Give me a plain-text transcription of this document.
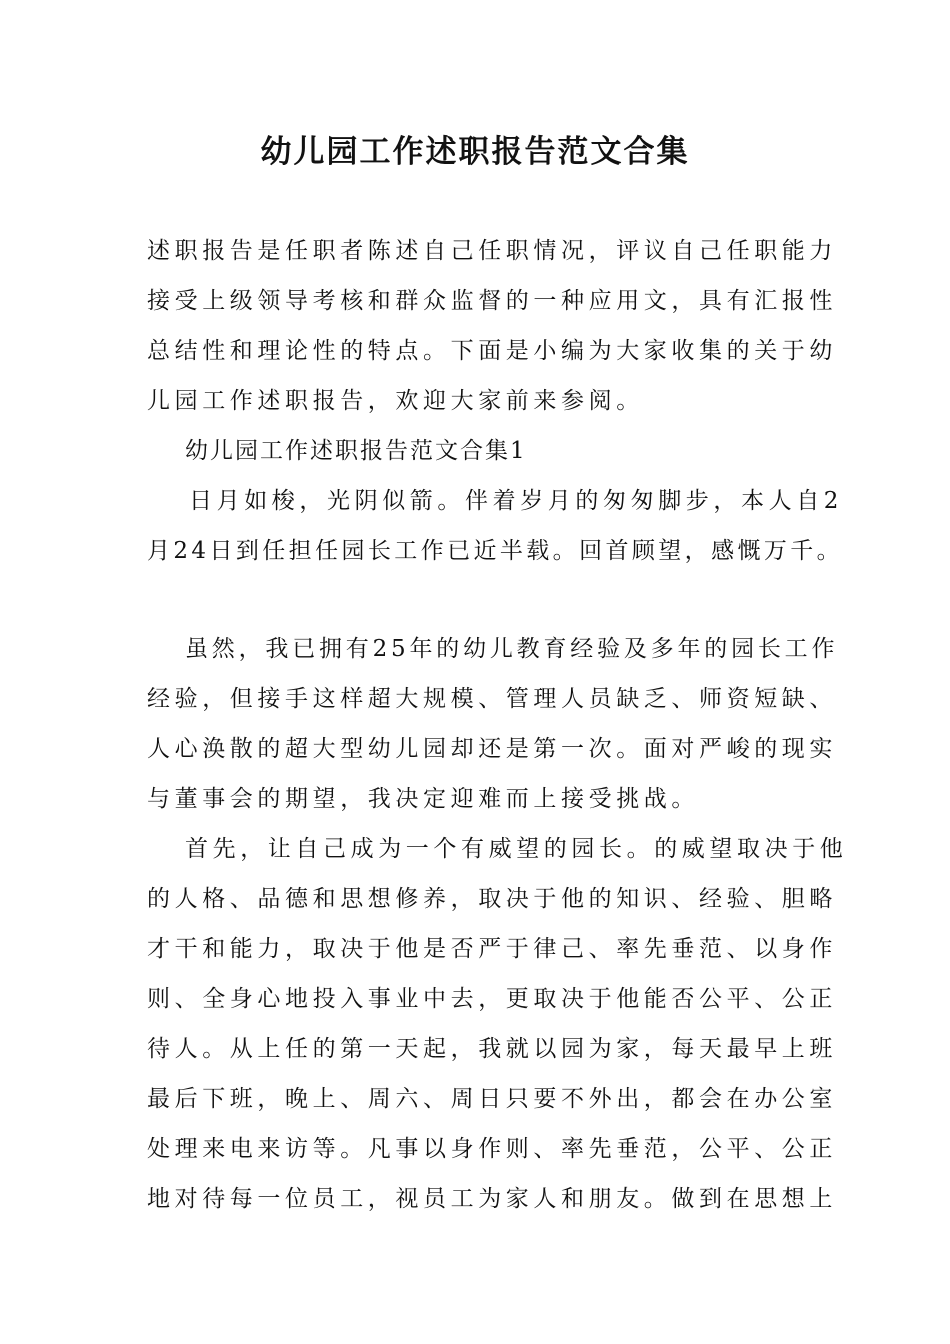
幼儿园工作述职报告范文合集
述职报告是任职者陈述自己任职情况，评议自己任职能力
接受上级领导考核和群众监督的一种应用文，具有汇报性
总结性和理论性的特点。下面是小编为大家收集的关于幼
儿园工作述职报告，欢迎大家前来参阅。
幼儿园工作述职报告范文合集1
日月如梭，光阴似箭。伴着岁月的匆匆脚步，本人自2
月24日到任担任园长工作已近半载。回首顾望，感慨万千。
虽然，我已拥有25年的幼儿教育经验及多年的园长工作
经验，但接手这样超大规模、管理人员缺乏、师资短缺、
人心涣散的超大型幼儿园却还是第一次。面对严峻的现实
与董事会的期望，我决定迎难而上接受挑战。
首先，让自己成为一个有威望的园长。的威望取决于他
的人格、品德和思想修养，取决于他的知识、经验、胆略
才干和能力，取决于他是否严于律己、率先垂范、以身作
则、全身心地投入事业中去，更取决于他能否公平、公正
待人。从上任的第一天起，我就以园为家，每天最早上班
最后下班，晚上、周六、周日只要不外出，都会在办公室
处理来电来访等。凡事以身作则、率先垂范，公平、公正
地对待每一位员工，视员工为家人和朋友。做到在思想上
